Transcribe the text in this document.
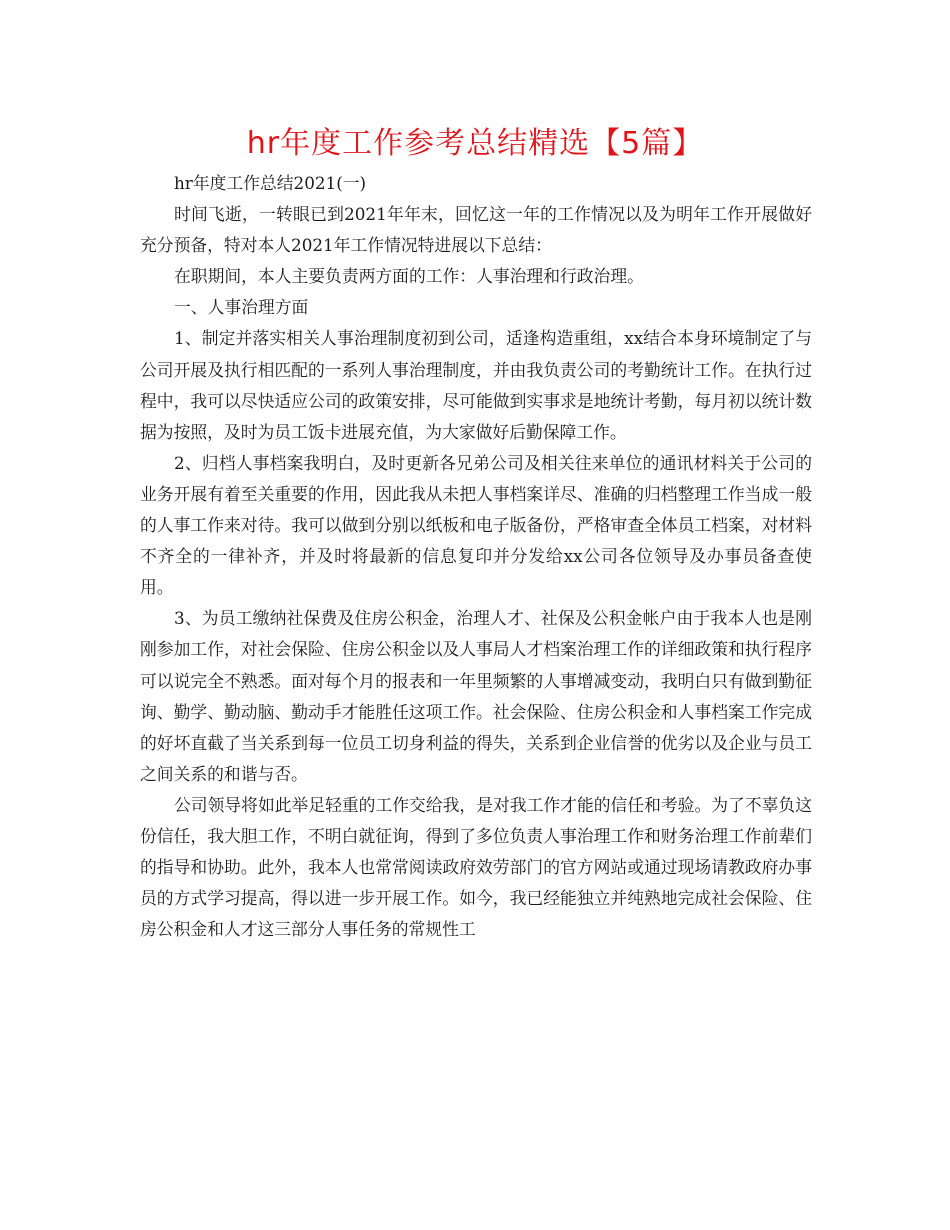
hr年度工作参考总结精选【5篇】

hr年度工作总结2021(一)

时间飞逝，一转眼已到2021年年末，回忆这一年的工作情况以及为明年工作开展做好充分预备，特对本人2021年工作情况特进展以下总结：

在职期间，本人主要负责两方面的工作：人事治理和行政治理。

一、人事治理方面

1、制定并落实相关人事治理制度初到公司，适逢构造重组，xx结合本身环境制定了与公司开展及执行相匹配的一系列人事治理制度，并由我负责公司的考勤统计工作。在执行过程中，我可以尽快适应公司的政策安排，尽可能做到实事求是地统计考勤，每月初以统计数据为按照，及时为员工饭卡进展充值，为大家做好后勤保障工作。

2、归档人事档案我明白，及时更新各兄弟公司及相关往来单位的通讯材料关于公司的业务开展有着至关重要的作用，因此我从未把人事档案详尽、准确的归档整理工作当成一般的人事工作来对待。我可以做到分别以纸板和电子版备份，严格审查全体员工档案，对材料不齐全的一律补齐，并及时将最新的信息复印并分发给xx公司各位领导及办事员备查使用。

3、为员工缴纳社保费及住房公积金，治理人才、社保及公积金帐户由于我本人也是刚刚参加工作，对社会保险、住房公积金以及人事局人才档案治理工作的详细政策和执行程序可以说完全不熟悉。面对每个月的报表和一年里频繁的人事增减变动，我明白只有做到勤征询、勤学、勤动脑、勤动手才能胜任这项工作。社会保险、住房公积金和人事档案工作完成的好坏直截了当关系到每一位员工切身利益的得失，关系到企业信誉的优劣以及企业与员工之间关系的和谐与否。

公司领导将如此举足轻重的工作交给我，是对我工作才能的信任和考验。为了不辜负这份信任，我大胆工作，不明白就征询，得到了多位负责人事治理工作和财务治理工作前辈们的指导和协助。此外，我本人也常常阅读政府效劳部门的官方网站或通过现场请教政府办事员的方式学习提高，得以进一步开展工作。如今，我已经能独立并纯熟地完成社会保险、住房公积金和人才这三部分人事任务的常规性工
